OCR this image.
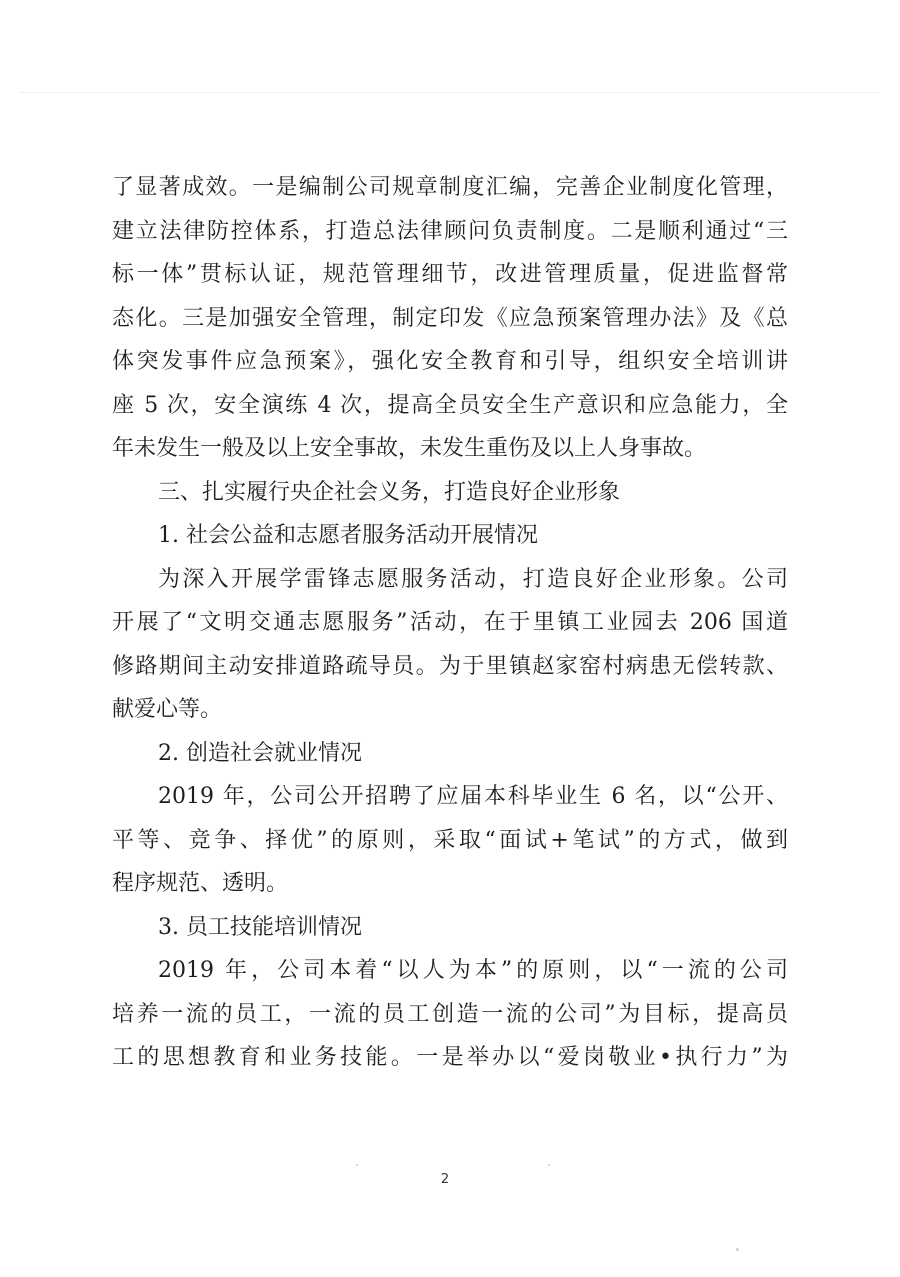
了显著成效。一是编制公司规章制度汇编，完善企业制度化管理，
建立法律防控体系，打造总法律顾问负责制度。二是顺利通过“三
标一体”贯标认证，规范管理细节，改进管理质量，促进监督常
态化。三是加强安全管理，制定印发《应急预案管理办法》及《总
体突发事件应急预案》，强化安全教育和引导，组织安全培训讲
座 5 次，安全演练 4 次，提高全员安全生产意识和应急能力，全
年未发生一般及以上安全事故，未发生重伤及以上人身事故。
三、扎实履行央企社会义务，打造良好企业形象
1. 社会公益和志愿者服务活动开展情况
为深入开展学雷锋志愿服务活动，打造良好企业形象。公司
开展了“文明交通志愿服务”活动，在于里镇工业园去 206 国道
修路期间主动安排道路疏导员。为于里镇赵家窑村病患无偿转款、
献爱心等。
2. 创造社会就业情况
2019 年，公司公开招聘了应届本科毕业生 6 名，以“公开、
平等、竞争、择优”的原则，采取“面试+笔试”的方式，做到
程序规范、透明。
3. 员工技能培训情况
2019 年，公司本着“以人为本”的原则，以“一流的公司
培养一流的员工，一流的员工创造一流的公司”为目标，提高员
工的思想教育和业务技能。一是举办以“爱岗敬业•执行力”为
2
